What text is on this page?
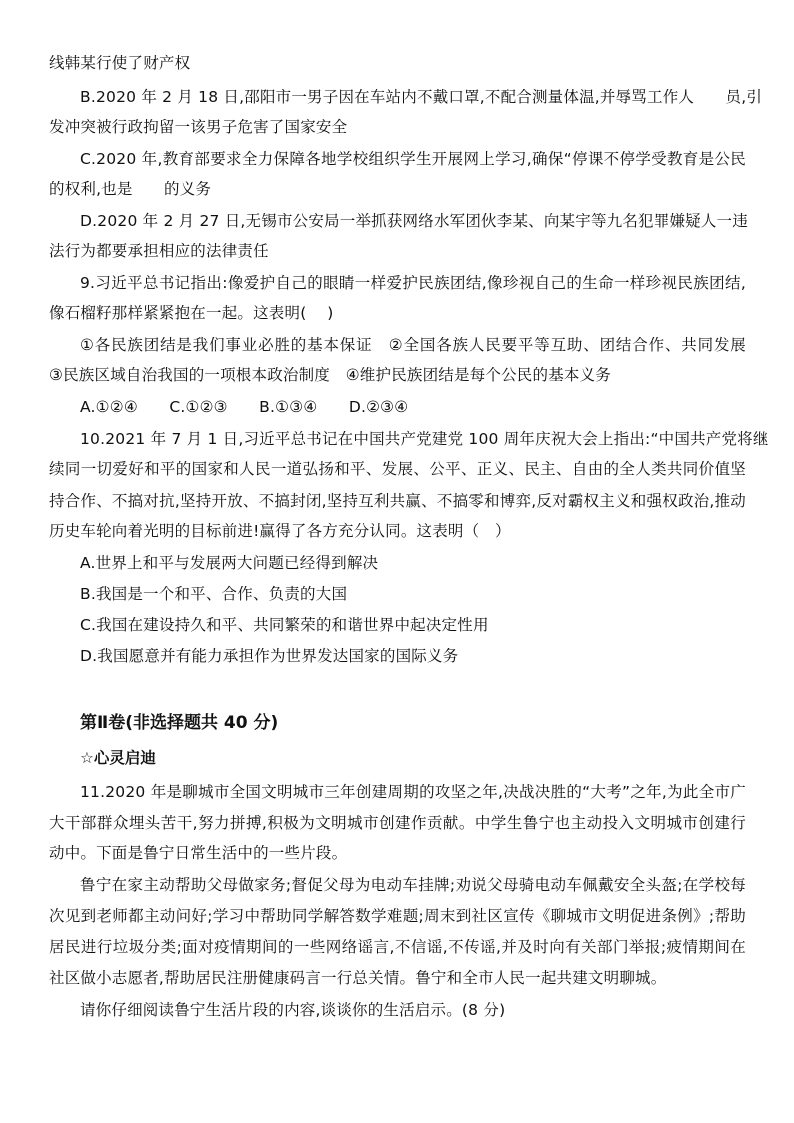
线韩某行使了财产权
B.2020 年 2 月 18 日,邵阳市一男子因在车站内不戴口罩,不配合测量体温,并辱骂工作人　　员,引
发冲突被行政拘留一该男子危害了国家安全
C.2020 年,教育部要求全力保障各地学校组织学生开展网上学习,确保“停课不停学受教育是公民
的权利,也是　　的义务
D.2020 年 2 月 27 日,无锡市公安局一举抓获网络水军团伙李某、向某宇等九名犯罪嫌疑人一违
法行为都要承担相应的法律责任
9.习近平总书记指出:像爱护自己的眼睛一样爱护民族团结,像珍视自己的生命一样珍视民族团结,
像石榴籽那样紧紧抱在一起。这表明(　 )
①各民族团结是我们事业必胜的基本保证　②全国各族人民要平等互助、团结合作、共同发展
③民族区域自治我国的一项根本政治制度　④维护民族团结是每个公民的基本义务
A.①②④　　C.①②③　　B.①③④　　D.②③④
10.2021 年 7 月 1 日,习近平总书记在中国共产党建党 100 周年庆祝大会上指出:“中国共产党将继
续同一切爱好和平的国家和人民一道弘扬和平、发展、公平、正义、民主、自由的全人类共同价值坚
持合作、不搞对抗,坚持开放、不搞封闭,坚持互利共赢、不搞零和博弈,反对霸权主义和强权政治,推动
历史车轮向着光明的目标前进!赢得了各方充分认同。这表明（　）
A.世界上和平与发展两大问题已经得到解决
B.我国是一个和平、合作、负责的大国
C.我国在建设持久和平、共同繁荣的和谐世界中起决定性用
D.我国愿意并有能力承担作为世界发达国家的国际义务
第Ⅱ卷(非选择题共 40 分)
☆心灵启迪
11.2020 年是聊城市全国文明城市三年创建周期的攻坚之年,决战决胜的“大考”之年,为此全市广
大干部群众埋头苦干,努力拼搏,积极为文明城市创建作贡献。中学生鲁宁也主动投入文明城市创建行
动中。下面是鲁宁日常生活中的一些片段。
鲁宁在家主动帮助父母做家务;督促父母为电动车挂牌;劝说父母骑电动车佩戴安全头盔;在学校每
次见到老师都主动问好;学习中帮助同学解答数学难题;周末到社区宣传《聊城市文明促进条例》;帮助
居民进行垃圾分类;面对疫情期间的一些网络谣言,不信谣,不传谣,并及时向有关部门举报;疲情期间在
社区做小志愿者,帮助居民注册健康码言一行总关情。鲁宁和全市人民一起共建文明聊城。
请你仔细阅读鲁宁生活片段的内容,谈谈你的生活启示。(8 分)
